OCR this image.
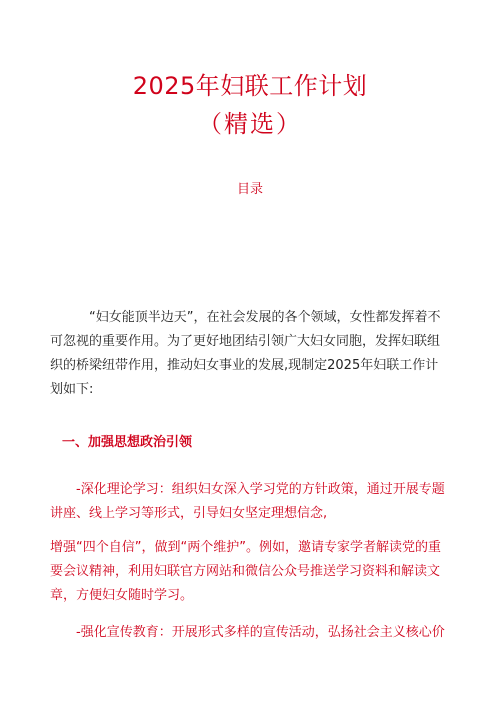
2025年妇联工作计划
（精选）
目录

“妇女能顶半边天”，在社会发展的各个领域，女性都发挥着不可忽视的重要作用。为了更好地团结引领广大妇女同胞，发挥妇联组织的桥梁纽带作用，推动妇女事业的发展,现制定2025年妇联工作计划如下:

一、加强思想政治引领

-深化理论学习：组织妇女深入学习党的方针政策，通过开展专题讲座、线上学习等形式，引导妇女坚定理想信念,

增强“四个自信”，做到“两个维护”。例如，邀请专家学者解读党的重要会议精神，利用妇联官方网站和微信公众号推送学习资料和解读文章，方便妇女随时学习。

-强化宣传教育：开展形式多样的宣传活动，弘扬社会主义核心价
